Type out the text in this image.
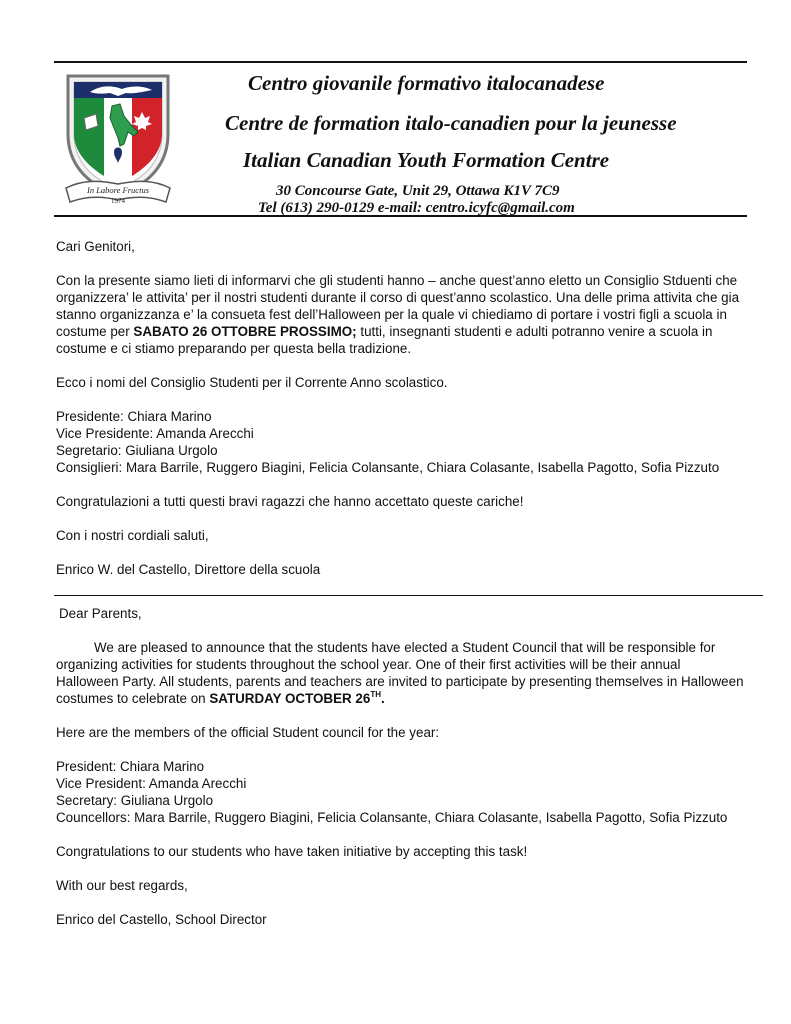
In Labore Fructus
1974
Centro giovanile formativo italocanadese
Centre de formation italo-canadien pour la jeunesse
Italian Canadian Youth Formation Centre
30 Concourse Gate, Unit 29, Ottawa K1V 7C9
Tel (613) 290-0129 e-mail: centro.icyfc@gmail.com

Cari Genitori,

Con la presente siamo lieti di informarvi che gli studenti hanno – anche quest’anno eletto un Consiglio Stduenti che organizzera’ le attivita’ per il nostri studenti durante il corso di quest’anno scolastico. Una delle prima attivita che gia stanno organizzanza e’ la consueta fest dell’Halloween per la quale vi chiediamo di portare i vostri figli a scuola in costume per SABATO 26 OTTOBRE PROSSIMO; tutti, insegnanti studenti e adulti potranno venire a scuola in costume e ci stiamo preparando per questa bella tradizione.

Ecco i nomi del Consiglio Studenti per il Corrente Anno scolastico.

Presidente: Chiara Marino

Vice Presidente: Amanda Arecchi

Segretario: Giuliana Urgolo

Consiglieri: Mara Barrile, Ruggero Biagini, Felicia Colansante, Chiara Colasante, Isabella Pagotto, Sofia Pizzuto

Congratulazioni a tutti questi bravi ragazzi che hanno accettato queste cariche!

Con i nostri cordiali saluti,

Enrico W. del Castello, Direttore della scuola

Dear Parents,

We are pleased to announce that the students have elected a Student Council that will be responsible for organizing activities for students throughout the school year. One of their first activities will be their annual Halloween Party. All students, parents and teachers are invited to participate by presenting themselves in Halloween costumes to celebrate on SATURDAY OCTOBER 26TH.

Here are the members of the official Student council for the year:

President: Chiara Marino

Vice President: Amanda Arecchi

Secretary: Giuliana Urgolo

Councellors: Mara Barrile, Ruggero Biagini, Felicia Colansante, Chiara Colasante, Isabella Pagotto, Sofia Pizzuto

Congratulations to our students who have taken initiative by accepting this task!

With our best regards,

Enrico del Castello, School Director
